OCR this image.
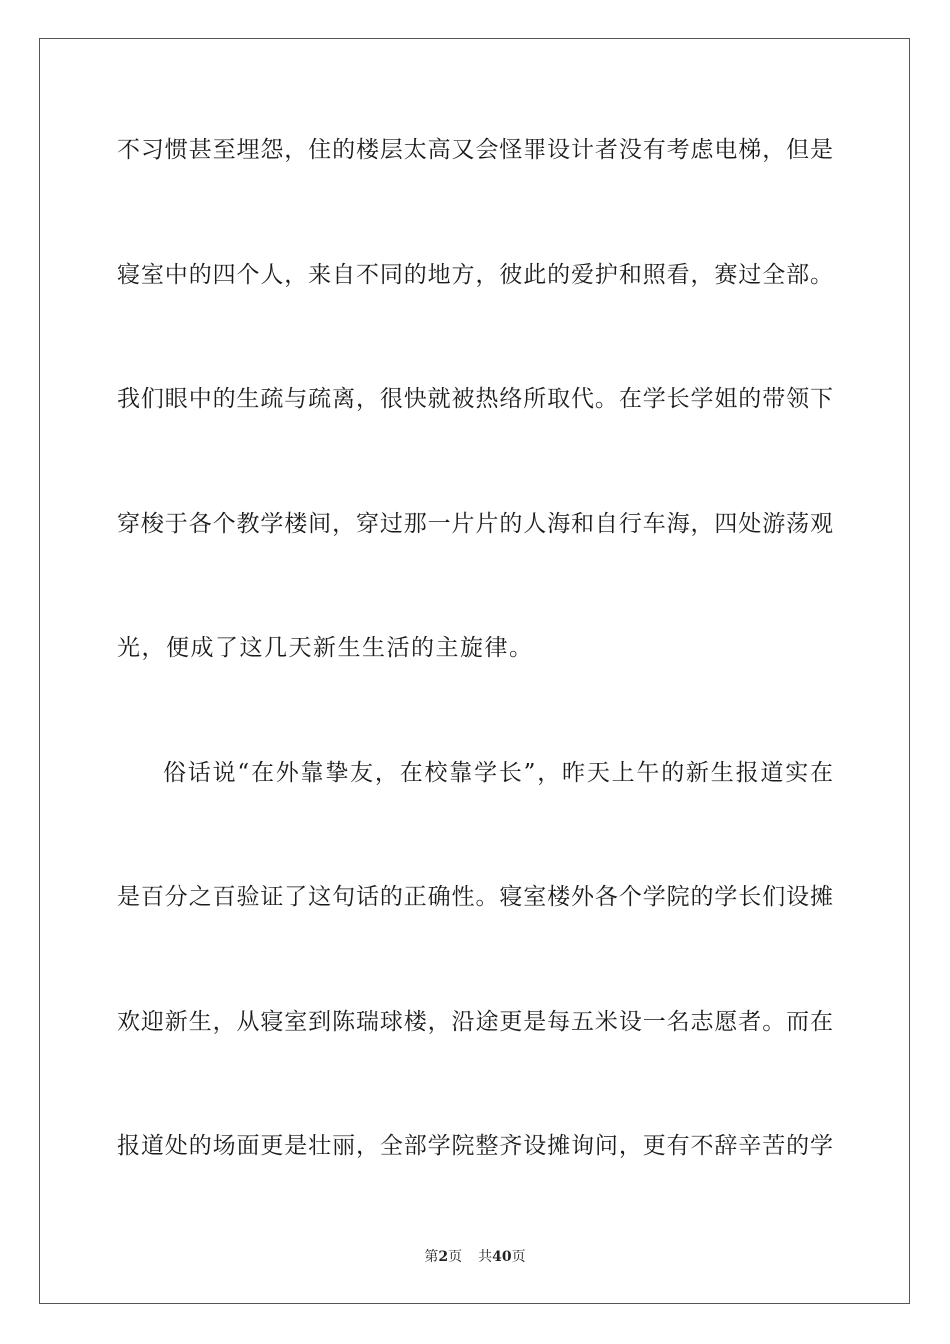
不习惯甚至埋怨，住的楼层太高又会怪罪设计者没有考虑电梯，但是
寝室中的四个人，来自不同的地方，彼此的爱护和照看，赛过全部。
我们眼中的生疏与疏离，很快就被热络所取代。在学长学姐的带领下
穿梭于各个教学楼间，穿过那一片片的人海和自行车海，四处游荡观
光，便成了这几天新生生活的主旋律。
俗话说“在外靠挚友，在校靠学长”，昨天上午的新生报道实在
是百分之百验证了这句话的正确性。寝室楼外各个学院的学长们设摊
欢迎新生，从寝室到陈瑞球楼，沿途更是每五米设一名志愿者。而在
报道处的场面更是壮丽，全部学院整齐设摊询问，更有不辞辛苦的学
第2页 共40页
